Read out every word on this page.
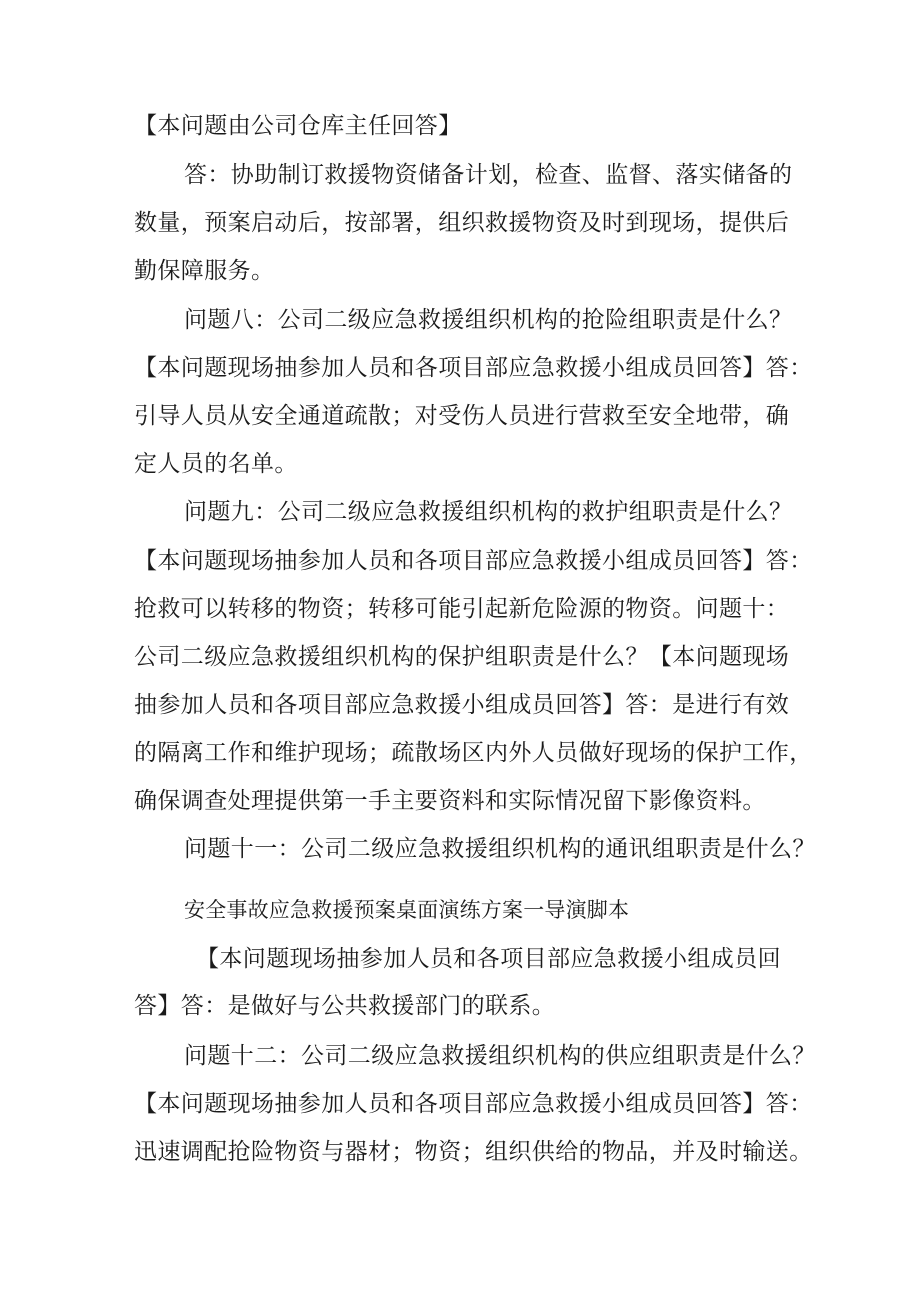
【本问题由公司仓库主任回答】
答：协助制订救援物资储备计划，检查、监督、落实储备的
数量，预案启动后，按部署，组织救援物资及时到现场，提供后
勤保障服务。
问题八：公司二级应急救援组织机构的抢险组职责是什么？
【本问题现场抽参加人员和各项目部应急救援小组成员回答】答：
引导人员从安全通道疏散；对受伤人员进行营救至安全地带，确
定人员的名单。
问题九：公司二级应急救援组织机构的救护组职责是什么？
【本问题现场抽参加人员和各项目部应急救援小组成员回答】答：
抢救可以转移的物资；转移可能引起新危险源的物资。问题十：
公司二级应急救援组织机构的保护组职责是什么？【本问题现场
抽参加人员和各项目部应急救援小组成员回答】答：是进行有效
的隔离工作和维护现场；疏散场区内外人员做好现场的保护工作，
确保调查处理提供第一手主要资料和实际情况留下影像资料。
问题十一：公司二级应急救援组织机构的通讯组职责是什么？
安全事故应急救援预案桌面演练方案一导演脚本
【本问题现场抽参加人员和各项目部应急救援小组成员回
答】答：是做好与公共救援部门的联系。
问题十二：公司二级应急救援组织机构的供应组职责是什么？
【本问题现场抽参加人员和各项目部应急救援小组成员回答】答：
迅速调配抢险物资与器材；物资；组织供给的物品，并及时输送。
